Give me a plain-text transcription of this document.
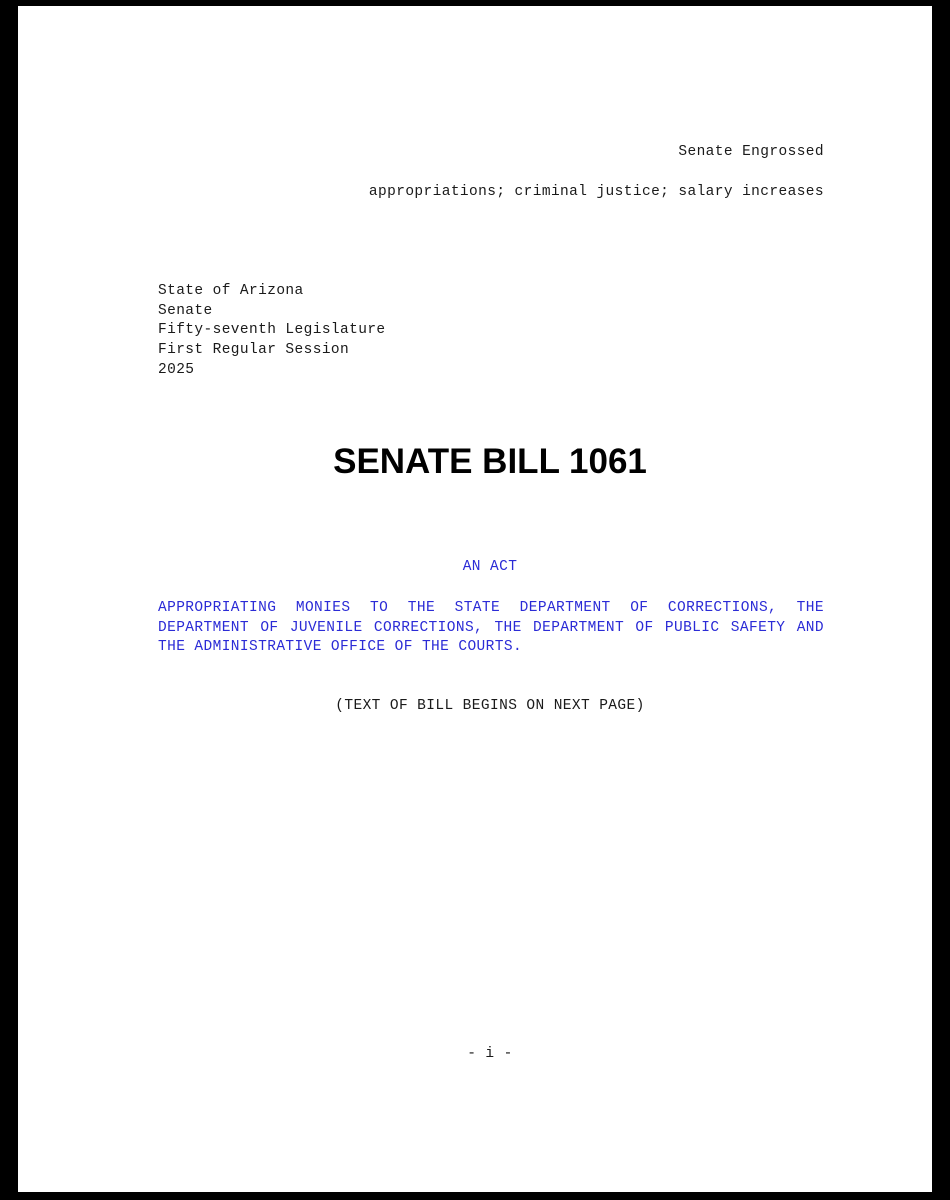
Senate Engrossed
appropriations; criminal justice; salary increases
State of Arizona
Senate
Fifty-seventh Legislature
First Regular Session
2025
SENATE BILL 1061
AN ACT
APPROPRIATING MONIES TO THE STATE DEPARTMENT OF CORRECTIONS, THE
DEPARTMENT OF JUVENILE CORRECTIONS, THE DEPARTMENT OF PUBLIC SAFETY AND
THE ADMINISTRATIVE OFFICE OF THE COURTS.
(TEXT OF BILL BEGINS ON NEXT PAGE)
- i -
